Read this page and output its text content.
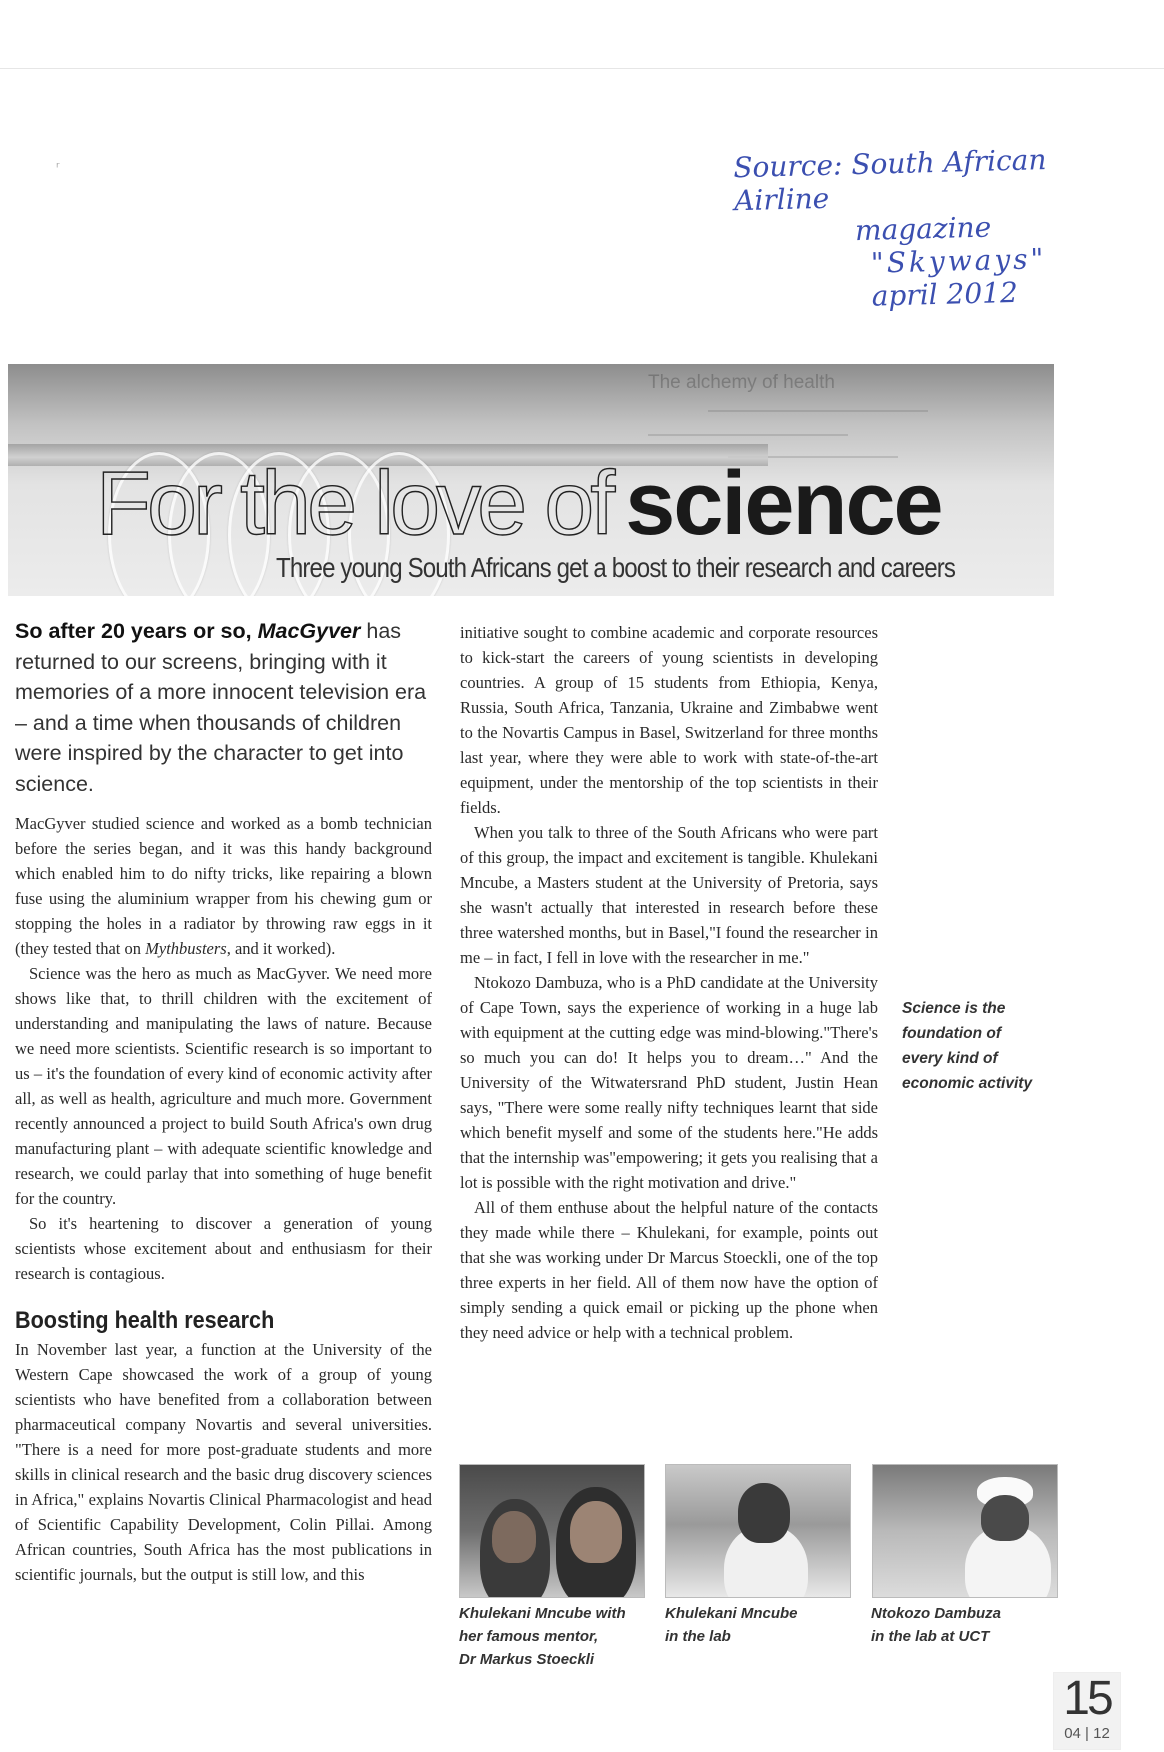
ʳ	Source: South African Airline
magazine
"Skyways"
april 2012
The alchemy of health
For the love of science
Three young South Africans get a boost to their research and careers
So after 20 years or so, MacGyver has returned to our screens, bringing with it memories of a more innocent television era – and a time when thousands of children were inspired by the character to get into science.

MacGyver studied science and worked as a bomb technician before the series began, and it was this handy background which enabled him to do nifty tricks, like repairing a blown fuse using the aluminium wrapper from his chewing gum or stopping the holes in a radiator by throwing raw eggs in it (they tested that on Mythbusters, and it worked).

Science was the hero as much as MacGyver. We need more shows like that, to thrill children with the excitement of understanding and manipulating the laws of nature. Because we need more scientists. Scientific research is so important to us – it's the foundation of every kind of economic activity after all, as well as health, agriculture and much more. Government recently announced a project to build South Africa's own drug manufacturing plant – with adequate scientific knowledge and research, we could parlay that into something of huge benefit for the country.

So it's heartening to discover a generation of young scientists whose excitement about and enthusiasm for their research is contagious.

Boosting health research

In November last year, a function at the University of the Western Cape showcased the work of a group of young scientists who have benefited from a collaboration between pharmaceutical company Novartis and several universities. "There is a need for more post-graduate students and more skills in clinical research and the basic drug discovery sciences in Africa," explains Novartis Clinical Pharmacologist and head of Scientific Capability Development, Colin Pillai. Among African countries, South Africa has the most publications in scientific journals, but the output is still low, and this

initiative sought to combine academic and corporate resources to kick-start the careers of young scientists in developing countries. A group of 15 students from Ethiopia, Kenya, Russia, South Africa, Tanzania, Ukraine and Zimbabwe went to the Novartis Campus in Basel, Switzerland for three months last year, where they were able to work with state-of-the-art equipment, under the mentorship of the top scientists in their fields.

When you talk to three of the South Africans who were part of this group, the impact and excitement is tangible. Khulekani Mncube, a Masters student at the University of Pretoria, says she wasn't actually that interested in research before these three watershed months, but in Basel,"I found the researcher in me – in fact, I fell in love with the researcher in me."

Ntokozo Dambuza, who is a PhD candidate at the University of Cape Town, says the experience of working in a huge lab with equipment at the cutting edge was mind-blowing."There's so much you can do! It helps you to dream…" And the University of the Witwatersrand PhD student, Justin Hean says, "There were some really nifty techniques learnt that side which benefit myself and some of the students here."He adds that the internship was"empowering; it gets you realising that a lot is possible with the right motivation and drive."

All of them enthuse about the helpful nature of the contacts they made while there – Khulekani, for example, points out that she was working under Dr Marcus Stoeckli, one of the top three experts in her field. All of them now have the option of simply sending a quick email or picking up the phone when they need advice or help with a technical problem.

Science is the
foundation of
every kind of
economic activity
Khulekani Mncube with
her famous mentor,
Dr Markus Stoeckli
Khulekani Mncube
in the lab
Ntokozo Dambuza
in the lab at UCT
15
04 | 12
